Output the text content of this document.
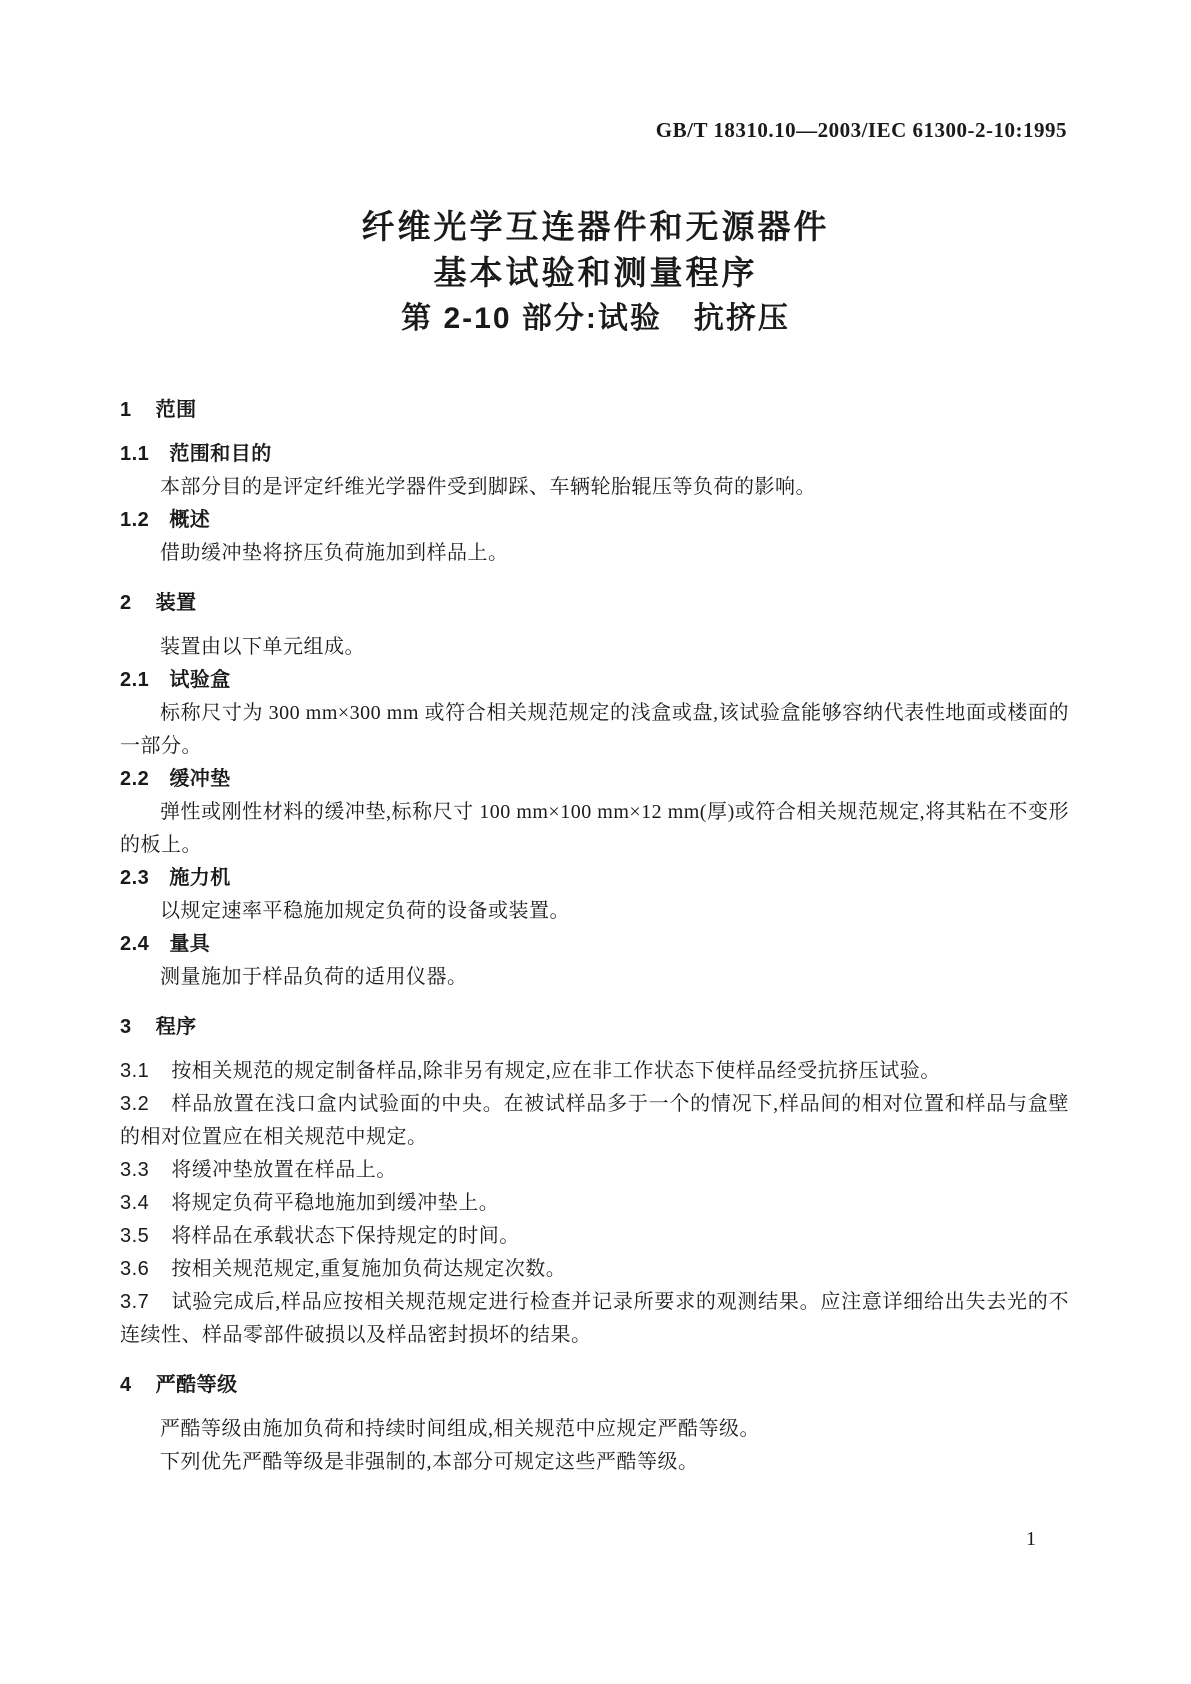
GB/T 18310.10—2003/IEC 61300-2-10:1995
纤维光学互连器件和无源器件
基本试验和测量程序
第 2-10 部分:试验　抗挤压
1 范围
1.1 范围和目的

本部分目的是评定纤维光学器件受到脚踩、车辆轮胎辊压等负荷的影响。

1.2 概述

借助缓冲垫将挤压负荷施加到样品上。

2 装置

装置由以下单元组成。

2.1 试验盒

标称尺寸为 300 mm×300 mm 或符合相关规范规定的浅盒或盘,该试验盒能够容纳代表性地面或楼面的一部分。

2.2 缓冲垫

弹性或刚性材料的缓冲垫,标称尺寸 100 mm×100 mm×12 mm(厚)或符合相关规范规定,将其粘在不变形的板上。

2.3 施力机

以规定速率平稳施加规定负荷的设备或装置。

2.4 量具

测量施加于样品负荷的适用仪器。

3 程序

3.1 按相关规范的规定制备样品,除非另有规定,应在非工作状态下使样品经受抗挤压试验。

3.2 样品放置在浅口盒内试验面的中央。在被试样品多于一个的情况下,样品间的相对位置和样品与盒壁的相对位置应在相关规范中规定。

3.3 将缓冲垫放置在样品上。

3.4 将规定负荷平稳地施加到缓冲垫上。

3.5 将样品在承载状态下保持规定的时间。

3.6 按相关规范规定,重复施加负荷达规定次数。

3.7 试验完成后,样品应按相关规范规定进行检查并记录所要求的观测结果。应注意详细给出失去光的不连续性、样品零部件破损以及样品密封损坏的结果。

4 严酷等级

严酷等级由施加负荷和持续时间组成,相关规范中应规定严酷等级。

下列优先严酷等级是非强制的,本部分可规定这些严酷等级。

1
